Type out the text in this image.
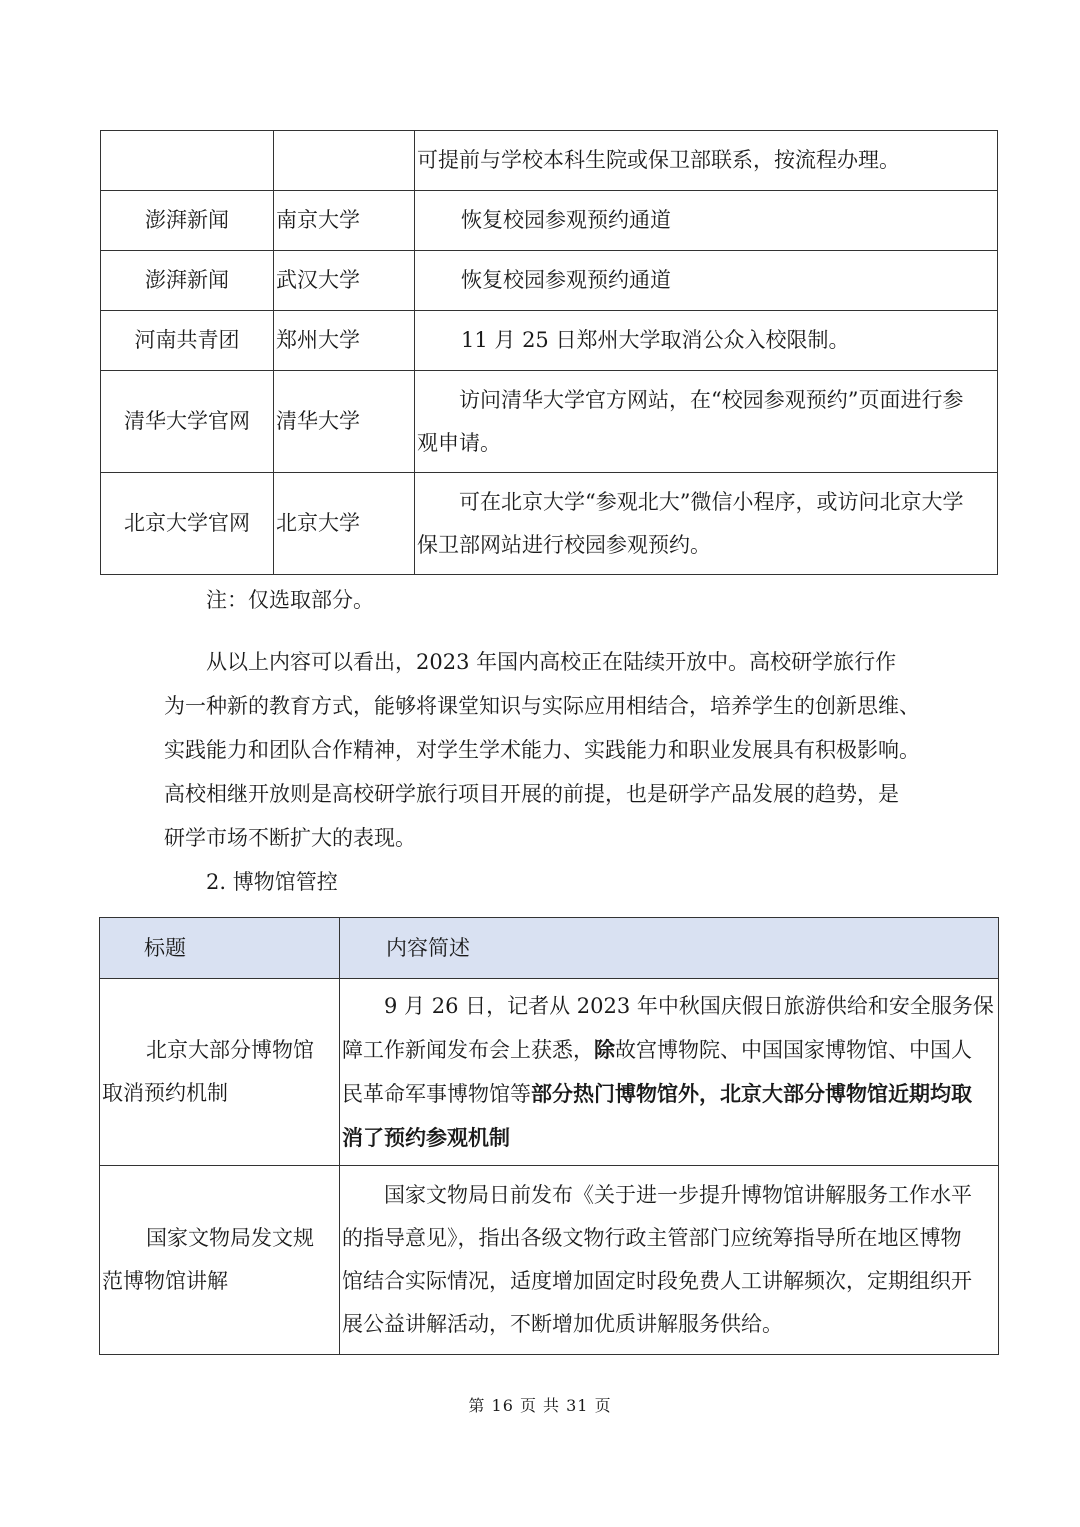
		可提前与学校本科生院或保卫部联系，按流程办理。
澎湃新闻	南京大学	恢复校园参观预约通道
澎湃新闻	武汉大学	恢复校园参观预约通道
河南共青团	郑州大学	11 月 25 日郑州大学取消公众入校限制。
清华大学官网	清华大学	访问清华大学官方网站，在“校园参观预约”页面进行参
观申请。

北京大学官网	北京大学	可在北京大学“参观北大”微信小程序，或访问北京大学
保卫部网站进行校园参观预约。
注：仅选取部分。
从以上内容可以看出，2023 年国内高校正在陆续开放中。高校研学旅行作
为一种新的教育方式，能够将课堂知识与实际应用相结合，培养学生的创新思维、
实践能力和团队合作精神，对学生学术能力、实践能力和职业发展具有积极影响。
高校相继开放则是高校研学旅行项目开展的前提，也是研学产品发展的趋势，是
研学市场不断扩大的表现。
2. 博物馆管控
标题	内容简述

北京大部分博物馆
取消预约机制	9 月 26 日，记者从 2023 年中秋国庆假日旅游供给和安全服务保
障工作新闻发布会上获悉，除故宫博物院、中国国家博物馆、中国人
民革命军事博物馆等部分热门博物馆外，北京大部分博物馆近期均取
消了预约参观机制

国家文物局发文规
范博物馆讲解	国家文物局日前发布《关于进一步提升博物馆讲解服务工作水平
的指导意见》，指出各级文物行政主管部门应统筹指导所在地区博物
馆结合实际情况，适度增加固定时段免费人工讲解频次，定期组织开
展公益讲解活动，不断增加优质讲解服务供给。
第 16 页 共 31 页
